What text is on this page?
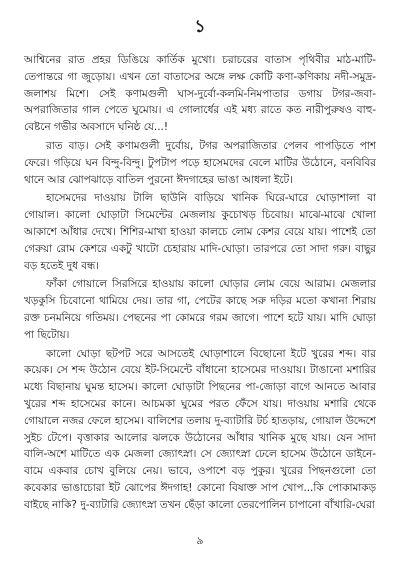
১

আশ্বিনের রাত প্রহর ডিঙিয়ে কার্তিক মুখো। চরাচরের বাতাস পৃথিবীর মাঠ-মাটি-তেপান্তরে গা জুড়োয়। এখন তো বাতাসের অঙ্গে লক্ষ কোটি কণা-কণিকায় নদী-সমুদ্র-জলাশয় মিশে। সেই কণামগুলী ঘাস-দুর্বো-কলমি-নিমপাতার ডগায় টগর-জবা-অপরাজিতার গাল পেতে ঘুমোয়। এ গোলার্ধের এই মধ্য রাতে কত নারীপুরুষও বাহু-বেষ্টনে গভীর অবসাদে ঘনিষ্ঠ যে...!

রাত বাড়। সেই কণামগুলী দুর্বোয়, টগর অপরাজিতার পেলব পাপড়িতে পাশ ফেরে। গড়িয়ে ঘন বিন্দু-বিন্দু। টুপটাপ পড়ে হাসেমদের বেলে মাটির উঠোনে, বনবিবির থানে আর ঝোপঝাড়ে বাতিল পুরনো ঈদগাহের ভাঙা আধলা ইটে।

হাসেমদের দাওয়ায় টালি ছাউনি বাড়িয়ে খানিক ঘিরে-ঘারে ঘোড়াশালা বা গোয়াল। কালো ঘোড়াটা সিমেন্টের মেজলায় কুচোখড় চিবোয়। মাঝে-মাঝে খোলা আকাশে আঁধার দেখে। শিশির-মাখা হাওয়া কালচে লোম কেশর বেয়ে যায়। পাশেই তো গেরুয়া রোম কেশরে একটু খাটো চেহারায় মাদি-ঘোড়া। তারপরে তো সাদা গরু। বাছুর বড় হতেই দুধ বন্ধ।

ফাঁকা গোয়ালে সিরসিরে হাওয়ায় কালো ঘোড়ার লোম বেয়ে আরাম। মেজলার খড়কুসি চিবোনো থামিয়ে দেয়। তার গা, পেটের কাছে সরু দড়ির মতো কখানা শিরায় রক্ত চনমনিয়ে গতিময়। পেছনের পা কোমরে গরম জাগে। পাশে হটে যায়। মাদি ঘোড়া পা ছিটোয়।

কালো ঘোড়া ছটপট সরে আসতেই ঘোড়াশালে বিছোনো ইটে খুরের শব্দ। বার কয়েক। সে শব্দ উঠোন বেয়ে ইট-সিমেন্টে বাঁধানো হাসেমের দাওয়ায়। টাঙানো মশারির মধ্যে বিছানায় ঘুমন্ত হাসেম। কালো ঘোড়াটা পিছনের পা-জোড়া বাগে আনতে আবার খুরের শব্দ হাসেমের কানে। আচমকা ঘুমের পরত ফেঁসে যায়। দাওয়ায় মশারি থেকে গোয়ালে নজর ফেলে হাসেম। বালিশের তলায় দু-ব্যাটারি টর্চ হাতড়ায়, গোয়াল উদ্দেশে সুইচ টেপে। বৃত্তাকার আলোর ঝলকে উঠোনের আঁধার খানিক মুছে যায়। যেন সাদা বালি-অশে মাটিতে এক মেজলা জ্যোৎস্না। সে জ্যোৎস্না ঢেলে হাসেম উঠোনে ডাইনে-বামে একবার চোখ বুলিয়ে নেয়। ভাবে, ওপাশে বড় পুকুর। খুরের পিছনগুলো তো কবেকার ভাঙাচোরা ইট ঝোপের ঈদগাহ! কোনো বিষাক্ত সাপ খোপ...কি পোকামাকড় বাইছে নাকি? দু-ব্যাটারি জ্যোৎস্না তখন ছেঁড়া কালো তেরপোলিন চাপানো বাঁখারি-ঘেরা

৯
